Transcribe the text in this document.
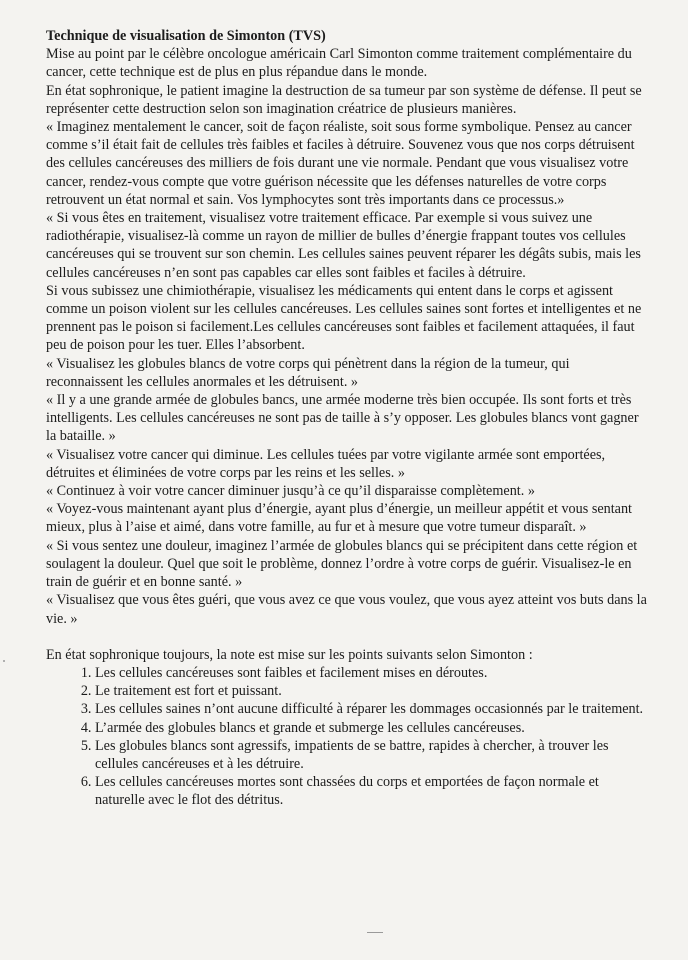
Technique de visualisation de Simonton (TVS)

Mise au point par le célèbre oncologue américain Carl Simonton comme traitement complémentaire du cancer, cette technique est de plus en plus répandue dans le monde.

En état sophronique, le patient imagine la destruction de sa tumeur par son système de défense. Il peut se représenter cette destruction selon son imagination créatrice de plusieurs manières.

« Imaginez mentalement le cancer, soit de façon réaliste, soit sous forme symbolique. Pensez au cancer comme s’il était fait de cellules très faibles et faciles à détruire. Souvenez vous que nos corps détruisent des cellules cancéreuses des milliers de fois durant une vie normale. Pendant que vous visualisez votre cancer, rendez-vous compte que votre guérison nécessite que les défenses naturelles de votre corps retrouvent un état normal et sain. Vos lymphocytes sont très importants dans ce processus.»

« Si vous êtes en traitement, visualisez votre traitement efficace. Par exemple si vous suivez une radiothérapie, visualisez-là comme un rayon de millier de bulles d’énergie frappant toutes vos cellules cancéreuses qui se trouvent sur son chemin. Les cellules saines peuvent réparer les dégâts subis, mais les cellules cancéreuses n’en sont pas capables car elles sont faibles et faciles à détruire.

Si vous subissez une chimiothérapie, visualisez les médicaments qui entent dans le corps et agissent comme un poison violent sur les cellules cancéreuses. Les cellules saines sont fortes et intelligentes et ne prennent pas le poison si facilement.Les cellules cancéreuses sont faibles et facilement attaquées, il faut peu de poison pour les tuer. Elles l’absorbent.

« Visualisez les globules blancs de votre corps qui pénètrent dans la région de la tumeur, qui reconnaissent les cellules anormales et les détruisent. »

« Il y a une grande armée de globules bancs, une armée moderne très bien occupée. Ils sont forts et très intelligents. Les cellules cancéreuses ne sont pas de taille à s’y opposer. Les globules blancs vont gagner la bataille. »

« Visualisez votre cancer qui diminue. Les cellules tuées par votre vigilante armée sont emportées, détruites et éliminées de votre corps par les reins et les selles. »

« Continuez à voir votre cancer diminuer jusqu’à ce qu’il disparaisse complètement. »

« Voyez-vous maintenant ayant plus d’énergie, ayant plus d’énergie, un meilleur appétit et vous sentant mieux, plus à l’aise et aimé, dans votre famille, au fur et à mesure que votre tumeur disparaît. »

« Si vous sentez une douleur, imaginez l’armée de globules blancs qui se précipitent dans cette région et soulagent la douleur. Quel que soit le problème, donnez l’ordre à votre corps de guérir. Visualisez-le en train de guérir et en bonne santé. »

« Visualisez que vous êtes guéri, que vous avez ce que vous voulez, que vous ayez atteint vos buts dans la vie. »

En état sophronique toujours, la note est mise sur les points suivants selon Simonton :

1. Les cellules cancéreuses sont faibles et facilement mises en déroutes.
2. Le traitement est fort et puissant.
3. Les cellules saines n’ont aucune difficulté à réparer les dommages occasionnés par le traitement.
4. L’armée des globules blancs et grande et submerge les cellules cancéreuses.
5. Les globules blancs sont agressifs, impatients de se battre, rapides à chercher, à trouver les cellules cancéreuses et à les détruire.
6. Les cellules cancéreuses mortes sont chassées du corps et emportées de façon normale et naturelle avec le flot des détritus.
